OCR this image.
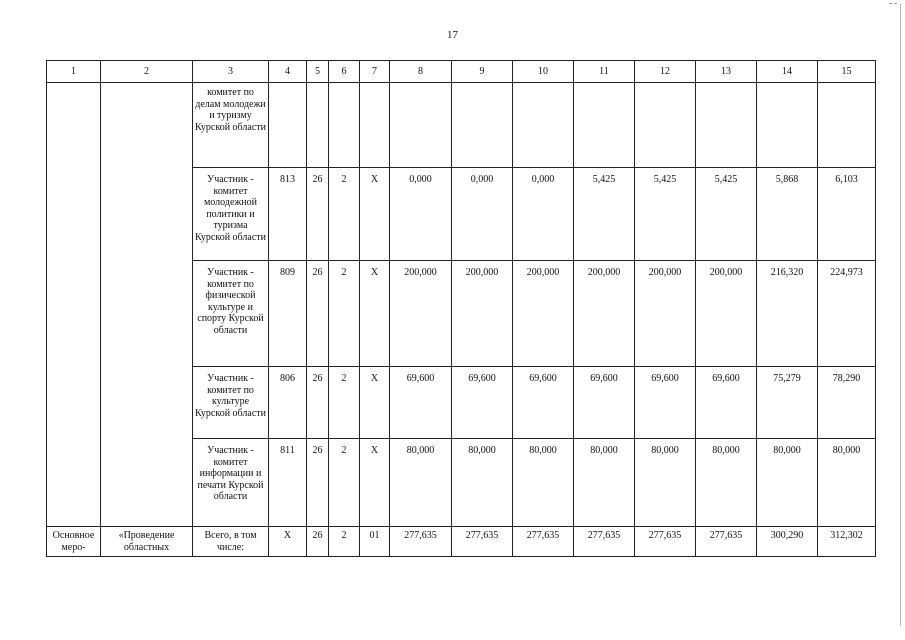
17
1	2	3	4	5	6	7	8	9	10	11	12	13	14	15
		комитет по делам молодежи и туризму Курской области												
		Участник - комитет молодежной политики и туризма Курской области	813	26	2	Х	0,000	0,000	0,000	5,425	5,425	5,425	5,868	6,103
		Участник - комитет по физической культуре и спорту Курской области	809	26	2	Х	200,000	200,000	200,000	200,000	200,000	200,000	216,320	224,973
		Участник - комитет по культуре Курской области	806	26	2	Х	69,600	69,600	69,600	69,600	69,600	69,600	75,279	78,290
		Участник - комитет информации и печати Курской области	811	26	2	Х	80,000	80,000	80,000	80,000	80,000	80,000	80,000	80,000
Основное меро-	«Проведение областных	Всего, в том числе:	Х	26	2	01	277,635	277,635	277,635	277,635	277,635	277,635	300,290	312,302
